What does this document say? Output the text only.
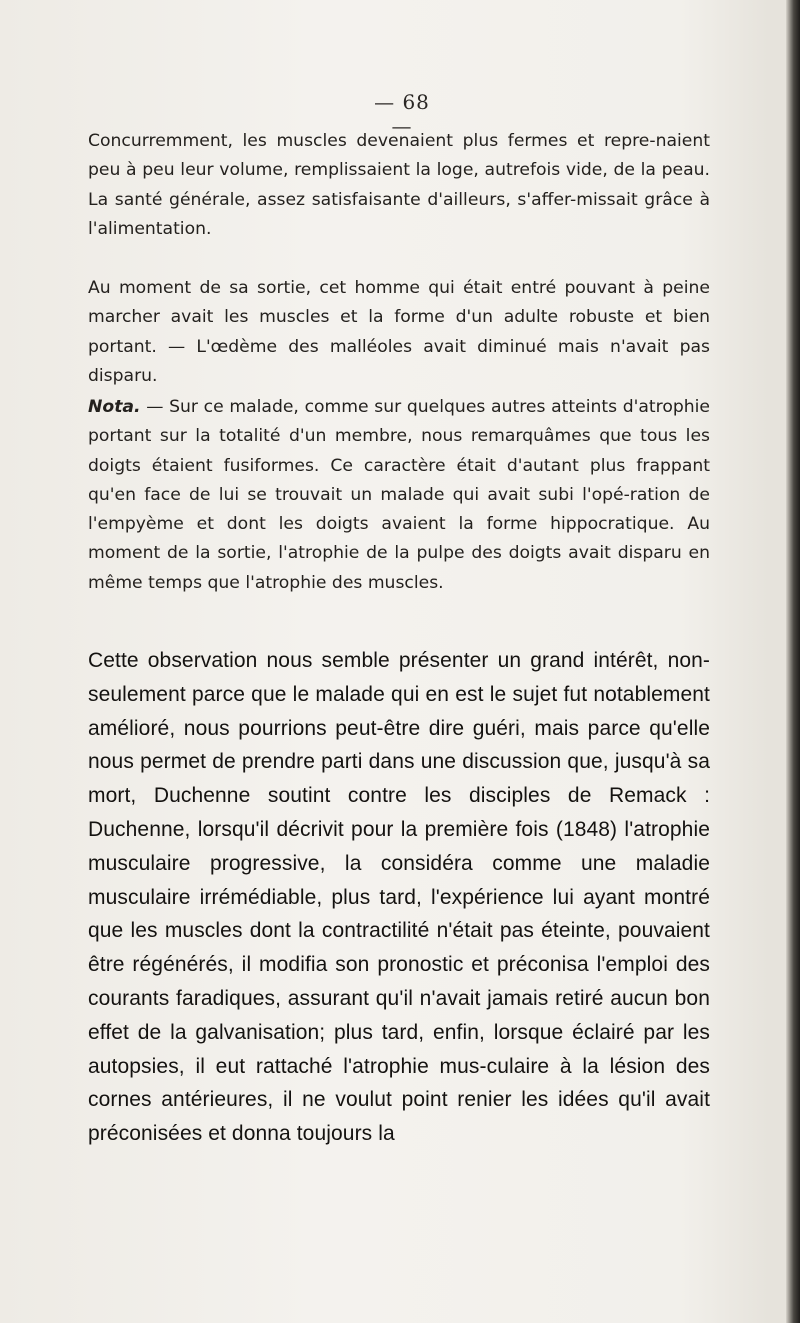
— 68 —

Concurremment, les muscles devenaient plus fermes et repre-naient peu à peu leur volume, remplissaient la loge, autrefois vide, de la peau. La santé générale, assez satisfaisante d'ailleurs, s'affer-missait grâce à l'alimentation.

Au moment de sa sortie, cet homme qui était entré pouvant à peine marcher avait les muscles et la forme d'un adulte robuste et bien portant. — L'œdème des malléoles avait diminué mais n'avait pas disparu.

Nota. — Sur ce malade, comme sur quelques autres atteints d'atrophie portant sur la totalité d'un membre, nous remarquâmes que tous les doigts étaient fusiformes. Ce caractère était d'autant plus frappant qu'en face de lui se trouvait un malade qui avait subi l'opé-ration de l'empyème et dont les doigts avaient la forme hippocratique. Au moment de la sortie, l'atrophie de la pulpe des doigts avait disparu en même temps que l'atrophie des muscles.

Cette observation nous semble présenter un grand intérêt, non-seulement parce que le malade qui en est le sujet fut notablement amélioré, nous pourrions peut-être dire guéri, mais parce qu'elle nous permet de prendre parti dans une discussion que, jusqu'à sa mort, Duchenne soutint contre les disciples de Remack : Duchenne, lorsqu'il décrivit pour la première fois (1848) l'atrophie musculaire progressive, la considéra comme une maladie musculaire irrémédiable, plus tard, l'expérience lui ayant montré que les muscles dont la contractilité n'était pas éteinte, pouvaient être régénérés, il modifia son pronostic et préconisa l'emploi des courants faradiques, assurant qu'il n'avait jamais retiré aucun bon effet de la galvanisation; plus tard, enfin, lorsque éclairé par les autopsies, il eut rattaché l'atrophie mus-culaire à la lésion des cornes antérieures, il ne voulut point renier les idées qu'il avait préconisées et donna toujours la
